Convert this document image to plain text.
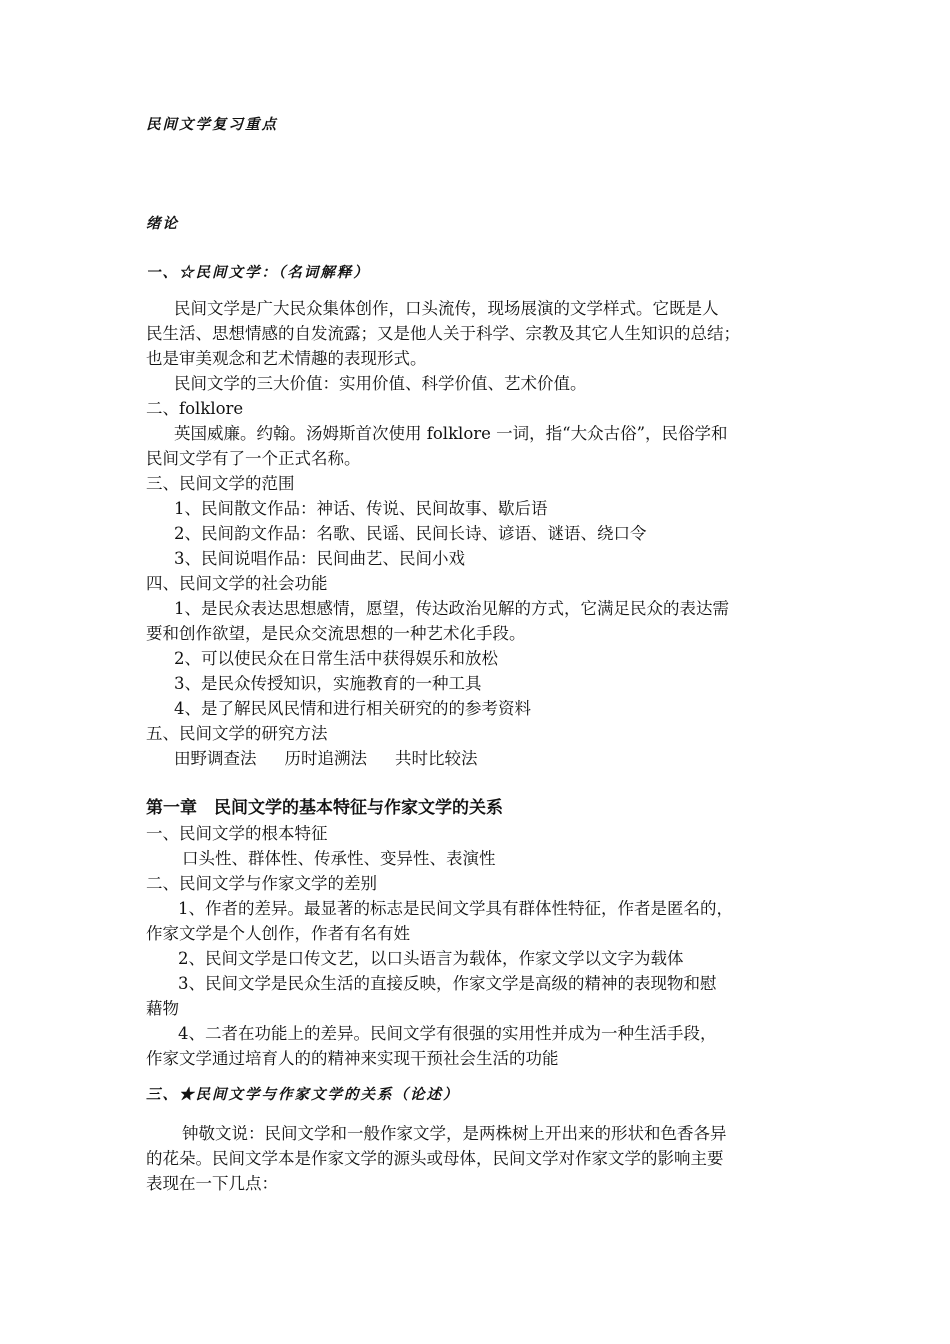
民间文学复习重点
绪论
一、☆民间文学：（名词解释）
民间文学是广大民众集体创作，口头流传，现场展演的文学样式。它既是人
民生活、思想情感的自发流露；又是他人关于科学、宗教及其它人生知识的总结；
也是审美观念和艺术情趣的表现形式。
民间文学的三大价值：实用价值、科学价值、艺术价值。
二、folklore
英国威廉。约翰。汤姆斯首次使用 folklore 一词，指“大众古俗”，民俗学和
民间文学有了一个正式名称。
三、民间文学的范围
1、民间散文作品：神话、传说、民间故事、歇后语
2、民间韵文作品：名歌、民谣、民间长诗、谚语、谜语、绕口令
3、民间说唱作品：民间曲艺、民间小戏
四、民间文学的社会功能
1、是民众表达思想感情，愿望，传达政治见解的方式，它满足民众的表达需
要和创作欲望，是民众交流思想的一种艺术化手段。
2、可以使民众在日常生活中获得娱乐和放松
3、是民众传授知识，实施教育的一种工具
4、是了解民风民情和进行相关研究的的参考资料
五、民间文学的研究方法
田野调查法 历时追溯法 共时比较法
第一章　民间文学的基本特征与作家文学的关系
一、民间文学的根本特征
口头性、群体性、传承性、变异性、表演性
二、民间文学与作家文学的差别
1、作者的差异。最显著的标志是民间文学具有群体性特征，作者是匿名的，
作家文学是个人创作，作者有名有姓
2、民间文学是口传文艺，以口头语言为载体，作家文学以文字为载体
3、民间文学是民众生活的直接反映，作家文学是高级的精神的表现物和慰
藉物
4、二者在功能上的差异。民间文学有很强的实用性并成为一种生活手段，
作家文学通过培育人的的精神来实现干预社会生活的功能
三、★民间文学与作家文学的关系（论述）
钟敬文说：民间文学和一般作家文学，是两株树上开出来的形状和色香各异
的花朵。民间文学本是作家文学的源头或母体，民间文学对作家文学的影响主要
表现在一下几点：
